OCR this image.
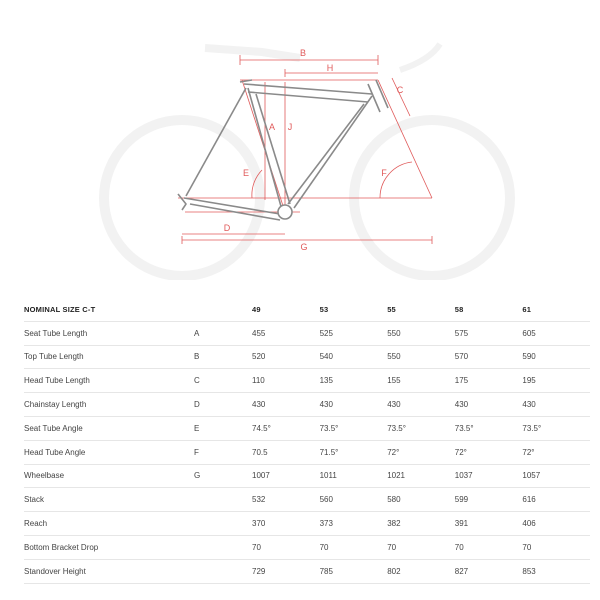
B
H
C
A J
E	F
D
G
NOMINAL SIZE C-T		49	53	55	58	61
Seat Tube Length	A	455	525	550	575	605
Top Tube Length	B	520	540	550	570	590
Head Tube Length	C	110	135	155	175	195
Chainstay Length	D	430	430	430	430	430
Seat Tube Angle	E	74.5°	73.5°	73.5°	73.5°	73.5°
Head Tube Angle	F	70.5	71.5°	72°	72°	72°
Wheelbase	G	1007	1011	1021	1037	1057
Stack		532	560	580	599	616
Reach		370	373	382	391	406
Bottom Bracket Drop		70	70	70	70	70
Standover Height		729	785	802	827	853
